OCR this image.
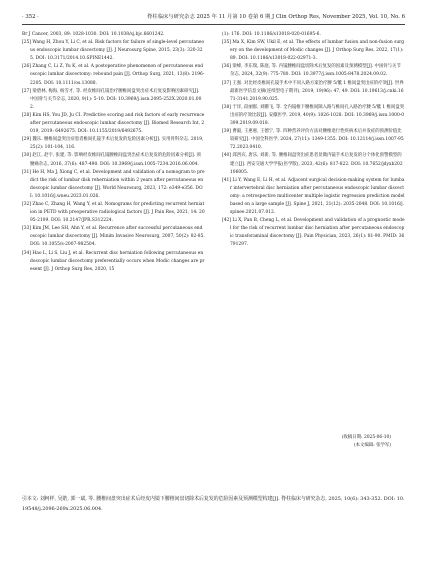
· 352 ·	脊柱临床与研究杂志 2025 年 11 月第 10 卷第 6 期 J Clin Orthop Res, November 2025, Vol. 10, No. 6

Br J Cancer, 2003, 89: 1028-1030. DOI: 10.1038/sj.bjc.6601242.

[25] Wang H, Zhou Y, Li C, et al. Risk factors for failure of single-level percutaneous endoscopic lumbar discectomy [J]. J Neurosurg Spine, 2015, 23(3): 320-325. DOI: 10.3171/2014.10.SPINE1442.

[26] Zhang C, Li Z, Yu K, et al. A postoperative phenomenon of percutaneous endoscopic lumbar discectomy: rebound pain [J]. Orthop Surg, 2021, 13(8): 2196-2205. DOI: 10.1111/os.13088.

[27] 梁碧林, 梅海, 杨雪才, 等. 经皮椎间孔镜治疗腰椎间盘突出症术后复发影响因素研究[J]. 中国骨与关节杂志, 2020, 9(1): 5-10. DOI: 10.3969/j.issn.2095-252X.2020.01.002.

[28] Kim HS, You JD, Ju CI. Predictive scoring and risk factors of early recurrence after percutaneous endoscopic lumbar discectomy [J]. Biomed Research Int, 2019, 2019: 6492675. DOI: 10.1155/2019/6492675.

[29] 魏乐. 腰椎间盘突出症患者椎间孔镜手术后复发的危险因素分析[J]. 实用骨科杂志, 2019, 25(2): 101-104, 116.

[30] 赵江, 赵宇, 张建, 等. 影响经皮椎间孔镜腰椎间盘突出症术后复发的危险因素分析[J]. 颈腰痛杂志, 2016, 37(6): 487-490. DOI: 10.3969/j.issn.1005-7234.2016.06.004.

[31] He H, Ma J, Xiong C, et al. Development and validation of a nomogram to predict the risk of lumbar disk reherniation within 2 years after percutaneous endoscopic lumbar discectomy [J]. World Neurosurg, 2023, 172: e349-e356. DOI: 10.1016/j.wneu.2023.01.026.

[32] Zhao C, Zhang H, Wang Y, et al. Nomograms for predicting recurrent herniation in PETD with preoperative radiological factors [J]. J Pain Res, 2021, 14: 2095-2109. DOI: 10.2147/JPR.S312224.

[33] Kim JM, Lee SH, Ahn Y, et al. Recurrence after successful percutaneous endoscopic lumbar discectomy [J]. Minim Invasive Neurosurg, 2007, 50(2): 82-85. DOI: 10.1055/s-2007-982504.

[34] Hao L, Li S, Liu J, et al. Recurrent disc herniation following percutaneous endoscopic lumbar discectomy preferentially occurs when Modic changes are present [J]. J Orthop Surg Res, 2020, 15

(1): 176. DOI: 10.1186/s13018-020-01695-6.

[35] Ma X, Kim SW, Ukil E, et al. The effects of lumbar fusion and non-fusion surgery on the development of Modic changes [J]. J Orthop Surg Res, 2022, 17(1): 89. DOI: 10.1186/s13018-022-02971-3.

[36] 梁峰, 李东瑞, 陈庭, 等. 内镜腰椎间盘切除术后复发的因素及预测模型[J]. 中国骨与关节杂志, 2024, 32(9): 775-780. DOI: 10.3977/j.issn.1005-8478.2024.09.02.

[37] 王强. 对比经皮椎间孔镜手术中不同入路方案治疗腰 5/骶 1 椎间盘突出症的疗效[J]. 世界最新医学信息文摘(连续型电子期刊), 2019, 19(96): 47, 49. DOI: 10.19613/j.cnki.1671-3141.2019.90.025.

[38] 于洋, 段丽群, 刘鹏飞, 等. 全内镜椎下腰椎间隙入路与椎间孔入路治疗腰 5/骶 1 椎间盘突出症的疗效比较[J]. 安徽医学, 2019, 40(9): 1026-1028. DOI: 10.3969/j.issn.1000-0399.2019.09.018.

[39] 曹毅, 王惠惠, 王德宁, 等. 四种营养评价方法对腰椎退行性疾病术后并发症的预测价值比较研究[J]. 中国全科医学, 2024, 27(11): 1349-1355. DOI: 10.12114/j.issn.1007-9572.2023.0410.

[40] 邱西宾, 唐乐, 刘新, 等. 腰椎间盘突出症患者显微内镜手术后复发的分个体化预警模型的建立[J]. 西安交通大学学报(医学版), 2023, 42(6): 817-822. DOI: 10.7652/jdyxb202106005.

[41] Li Y, Wang E, Li H, et al. Adjacent surgical decision-making system for lumbar intervertebral disc herniation after percutaneous endoscopic lumbar discectomy: a retrospective multicenter multiple logistic regression prediction model based on a large sample [J]. Spine J, 2021, 21(12): 2035-2048. DOI: 10.1016/j.spinee.2021.07.012.

[42] Li X, Pan B, Cheng L, et al. Development and validation of a prognostic model for the risk of recurrent lumbar disc herniation after percutaneous endoscopic transforaminal discectomy [J]. Pain Physician, 2023, 26(1): 81-90. PMID: 36791297.

(收稿日期: 2025-06-10)
(本文编辑: 张学军)
引本文: 刘柯样, 吴皓, 郭一斌, 等. 腰椎间盘突出症术后经皮内镜下腰椎间盘切除术后复发的危险因素及预测模型构建[J]. 脊柱临床与研究杂志, 2025, 10(6): 343-352. DOI: 10.19548/j.2096-269x.2025.06.004.
